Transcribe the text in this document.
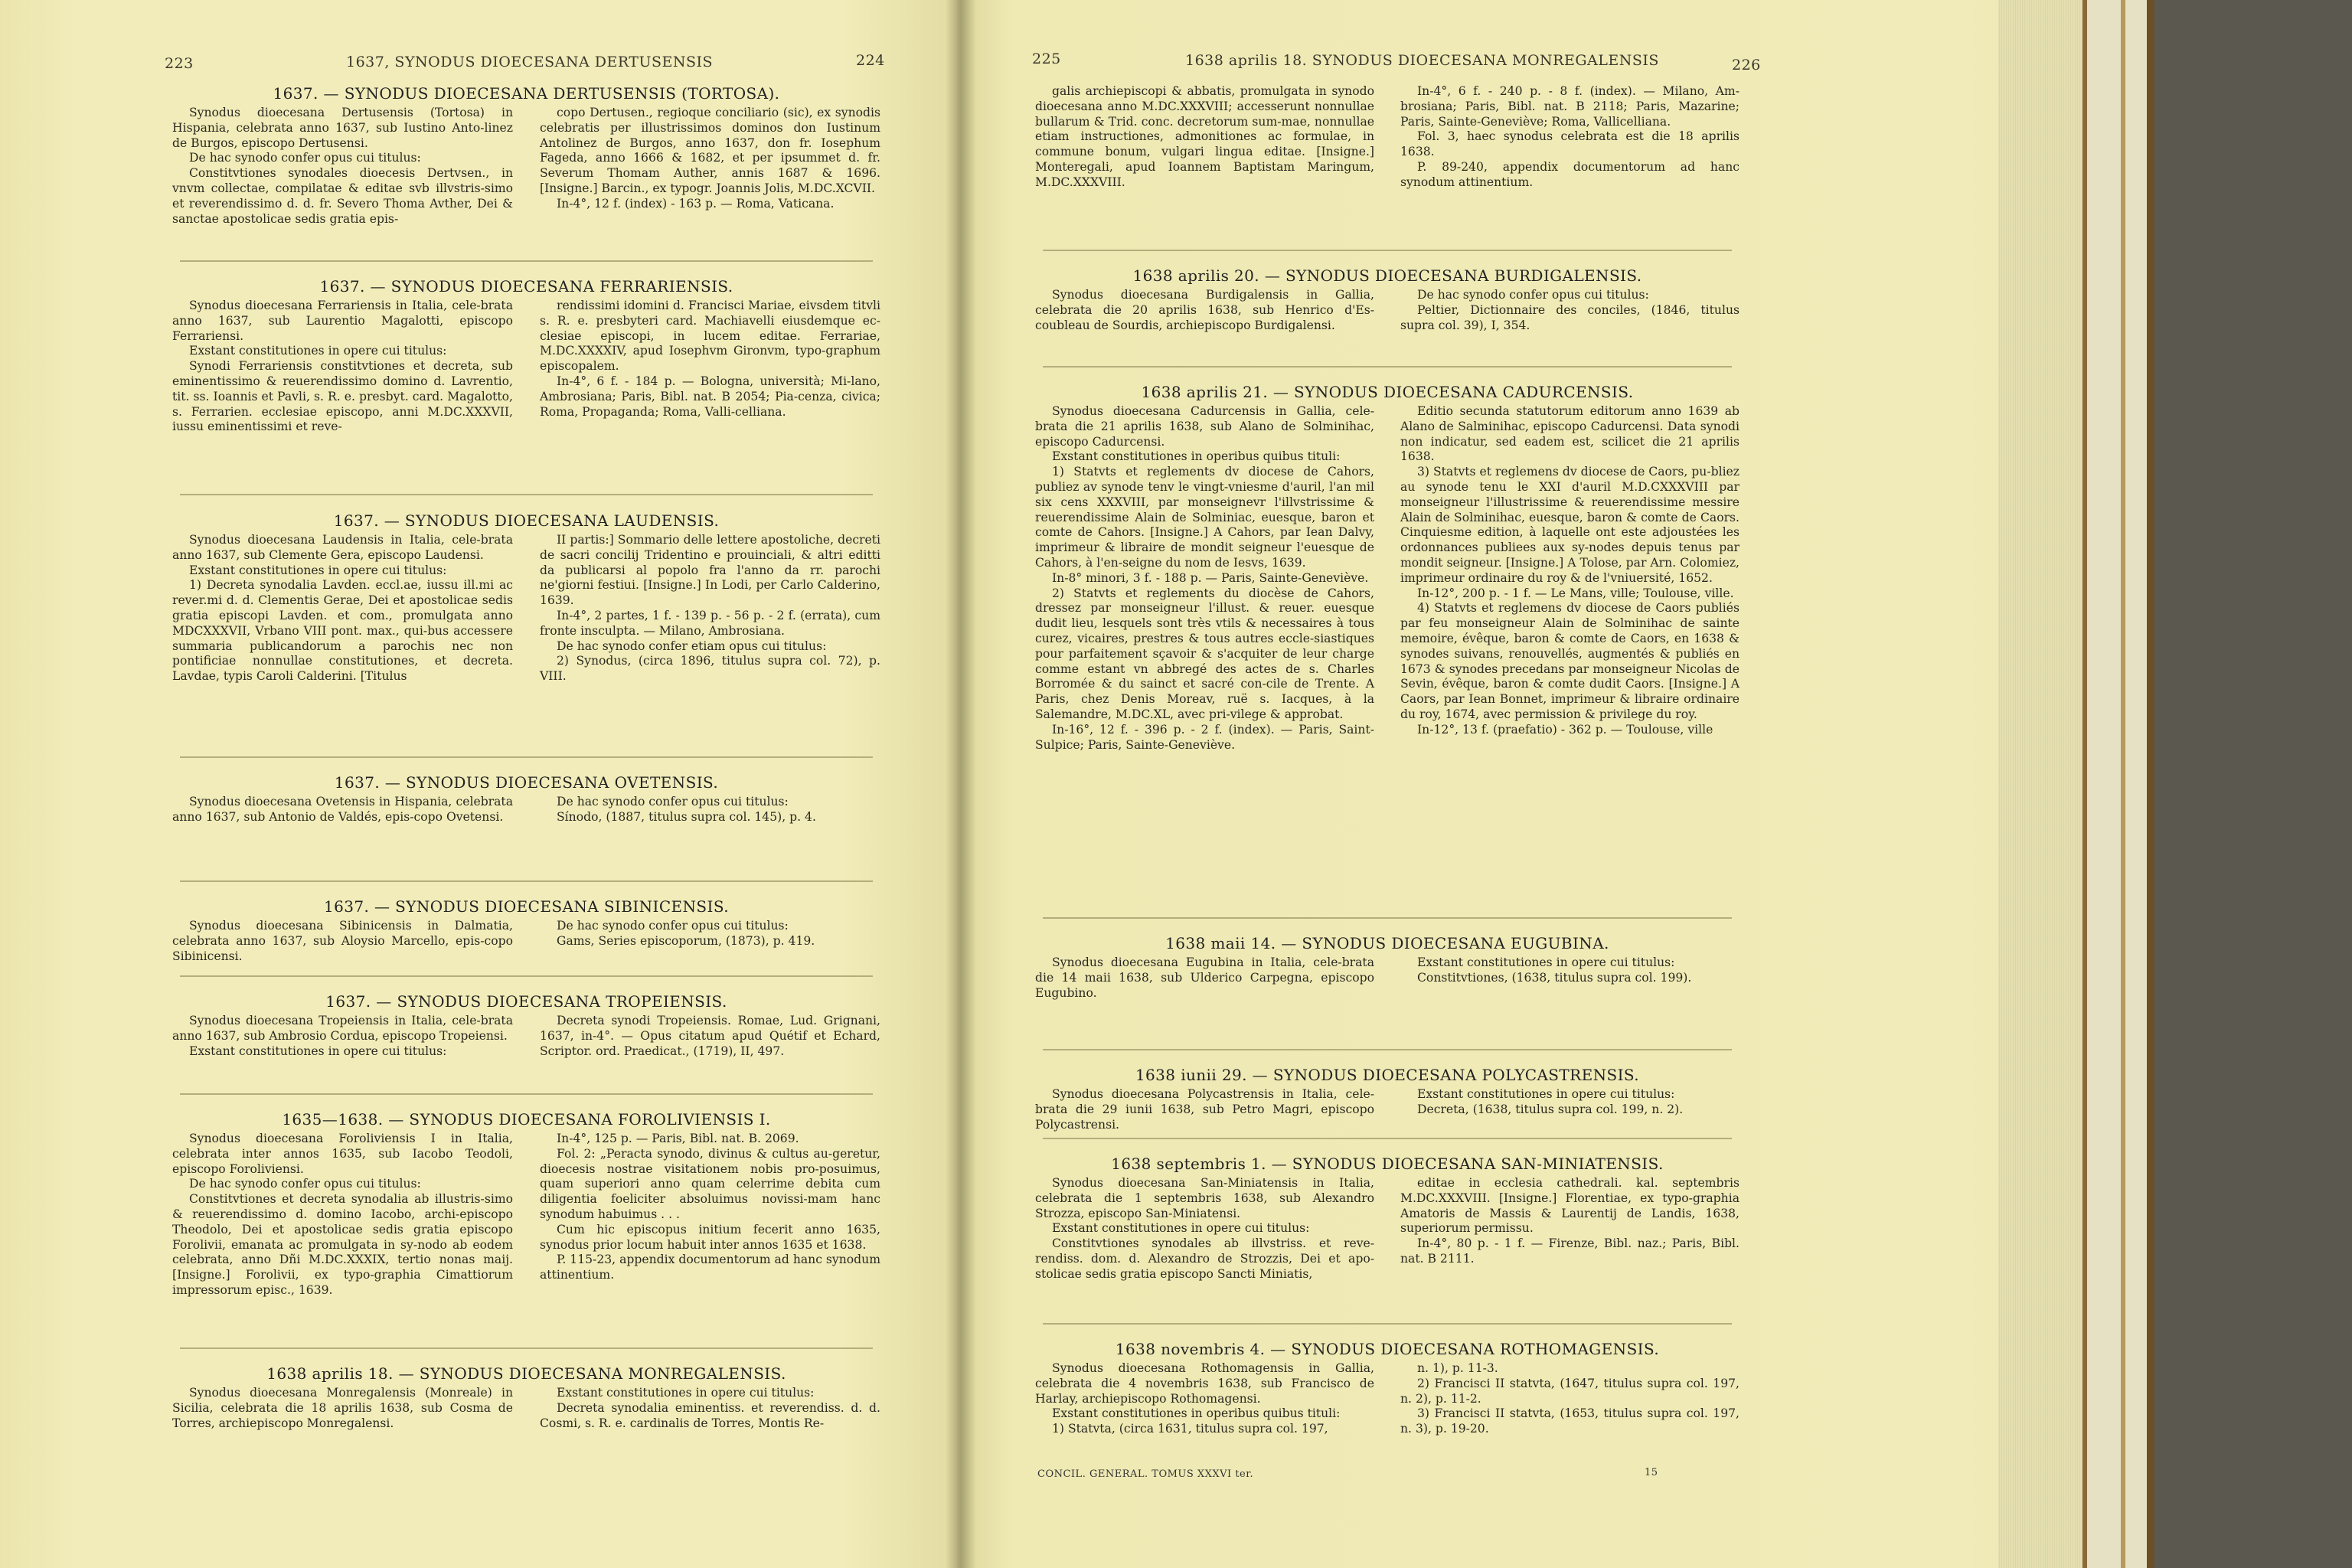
223	1637, SYNODUS DIOECESANA DERTUSENSIS	224	225	1638 aprilis 18. SYNODUS DIOECESANA MONREGALENSIS	226
CONCIL. GENERAL. TOMUS XXXVI ter.	15
1637. — SYNODUS DIOECESANA DERTUSENSIS (TORTOSA).

Synodus dioecesana Dertusensis (Tortosa) in Hispania, celebrata anno 1637, sub Iustino Anto-linez de Burgos, episcopo Dertusensi.

De hac synodo confer opus cui titulus:

Constitvtiones synodales dioecesis Dertvsen., in vnvm collectae, compilatae & editae svb illvstris-simo et reverendissimo d. d. fr. Severo Thoma Avther, Dei & sanctae apostolicae sedis gratia epis-

copo Dertusen., regioque conciliario (sic), ex synodis celebratis per illustrissimos dominos don Iustinum Antolinez de Burgos, anno 1637, don fr. Iosephum Fageda, anno 1666 & 1682, et per ipsummet d. fr. Severum Thomam Auther, annis 1687 & 1696. [Insigne.] Barcin., ex typogr. Joannis Jolis, M.DC.XCVII.

In-4°, 12 f. (index) - 163 p. — Roma, Vaticana.

1637. — SYNODUS DIOECESANA FERRARIENSIS.

Synodus dioecesana Ferrariensis in Italia, cele-brata anno 1637, sub Laurentio Magalotti, episcopo Ferrariensi.

Exstant constitutiones in opere cui titulus:

Synodi Ferrariensis constitvtiones et decreta, sub eminentissimo & reuerendissimo domino d. Lavrentio, tit. ss. Ioannis et Pavli, s. R. e. presbyt. card. Magalotto, s. Ferrarien. ecclesiae episcopo, anni M.DC.XXXVII, iussu eminentissimi et reve-

rendissimi idomini d. Francisci Mariae, eivsdem titvli s. R. e. presbyteri card. Machiavelli eiusdemque ec-clesiae episcopi, in lucem editae. Ferrariae, M.DC.XXXXIV, apud Iosephvm Gironvm, typo-graphum episcopalem.

In-4°, 6 f. - 184 p. — Bologna, università; Mi-lano, Ambrosiana; Paris, Bibl. nat. B 2054; Pia-cenza, civica; Roma, Propaganda; Roma, Valli-celliana.

1637. — SYNODUS DIOECESANA LAUDENSIS.

Synodus dioecesana Laudensis in Italia, cele-brata anno 1637, sub Clemente Gera, episcopo Laudensi.

Exstant constitutiones in opere cui titulus:

1) Decreta synodalia Lavden. eccl.ae, iussu ill.mi ac rever.mi d. d. Clementis Gerae, Dei et apostolicae sedis gratia episcopi Lavden. et com., promulgata anno MDCXXXVII, Vrbano VIII pont. max., qui-bus accessere summaria publicandorum a parochis nec non pontificiae nonnullae constitutiones, et decreta. Lavdae, typis Caroli Calderini. [Titulus

II partis:] Sommario delle lettere apostoliche, decreti de sacri concilij Tridentino e prouinciali, & altri editti da publicarsi al popolo fra l'anno da rr. parochi ne'giorni festiui. [Insigne.] In Lodi, per Carlo Calderino, 1639.

In-4°, 2 partes, 1 f. - 139 p. - 56 p. - 2 f. (errata), cum fronte insculpta. — Milano, Ambrosiana.

De hac synodo confer etiam opus cui titulus:

2) Synodus, (circa 1896, titulus supra col. 72), p. VIII.

1637. — SYNODUS DIOECESANA OVETENSIS.

Synodus dioecesana Ovetensis in Hispania, celebrata anno 1637, sub Antonio de Valdés, epis-copo Ovetensi.

De hac synodo confer opus cui titulus:

Sínodo, (1887, titulus supra col. 145), p. 4.

1637. — SYNODUS DIOECESANA SIBINICENSIS.

Synodus dioecesana Sibinicensis in Dalmatia, celebrata anno 1637, sub Aloysio Marcello, epis-copo Sibinicensi.

De hac synodo confer opus cui titulus:

Gams, Series episcoporum, (1873), p. 419.

1637. — SYNODUS DIOECESANA TROPEIENSIS.

Synodus dioecesana Tropeiensis in Italia, cele-brata anno 1637, sub Ambrosio Cordua, episcopo Tropeiensi.

Exstant constitutiones in opere cui titulus:

Decreta synodi Tropeiensis. Romae, Lud. Grignani, 1637, in-4°. — Opus citatum apud Quétif et Echard, Scriptor. ord. Praedicat., (1719), II, 497.

1635—1638. — SYNODUS DIOECESANA FOROLIVIENSIS I.

Synodus dioecesana Foroliviensis I in Italia, celebrata inter annos 1635, sub Iacobo Teodoli, episcopo Foroliviensi.

De hac synodo confer opus cui titulus:

Constitvtiones et decreta synodalia ab illustris-simo & reuerendissimo d. domino Iacobo, archi-episcopo Theodolo, Dei et apostolicae sedis gratia episcopo Forolivii, emanata ac promulgata in sy-nodo ab eodem celebrata, anno Dñi M.DC.XXXIX, tertio nonas maij. [Insigne.] Forolivii, ex typo-graphia Cimattiorum impressorum episc., 1639.

In-4°, 125 p. — Paris, Bibl. nat. B. 2069.

Fol. 2: „Peracta synodo, divinus & cultus au-geretur, dioecesis nostrae visitationem nobis pro-posuimus, quam superiori anno quam celerrime debita cum diligentia foeliciter absoluimus novissi-mam hanc synodum habuimus . . .

Cum hic episcopus initium fecerit anno 1635, synodus prior locum habuit inter annos 1635 et 1638.

P. 115-23, appendix documentorum ad hanc synodum attinentium.

1638 aprilis 18. — SYNODUS DIOECESANA MONREGALENSIS.

Synodus dioecesana Monregalensis (Monreale) in Sicilia, celebrata die 18 aprilis 1638, sub Cosma de Torres, archiepiscopo Monregalensi.

Exstant constitutiones in opere cui titulus:

Decreta synodalia eminentiss. et reverendiss. d. d. Cosmi, s. R. e. cardinalis de Torres, Montis Re-

galis archiepiscopi & abbatis, promulgata in synodo dioecesana anno M.DC.XXXVIII; accesserunt nonnullae bullarum & Trid. conc. decretorum sum-mae, nonnullae etiam instructiones, admonitiones ac formulae, in commune bonum, vulgari lingua editae. [Insigne.] Monteregali, apud Ioannem Baptistam Maringum, M.DC.XXXVIII.

In-4°, 6 f. - 240 p. - 8 f. (index). — Milano, Am-brosiana; Paris, Bibl. nat. B 2118; Paris, Mazarine; Paris, Sainte-Geneviève; Roma, Vallicelliana.

Fol. 3, haec synodus celebrata est die 18 aprilis 1638.

P. 89-240, appendix documentorum ad hanc synodum attinentium.

1638 aprilis 20. — SYNODUS DIOECESANA BURDIGALENSIS.

Synodus dioecesana Burdigalensis in Gallia, celebrata die 20 aprilis 1638, sub Henrico d'Es-coubleau de Sourdis, archiepiscopo Burdigalensi.

De hac synodo confer opus cui titulus:

Peltier, Dictionnaire des conciles, (1846, titulus supra col. 39), I, 354.

1638 aprilis 21. — SYNODUS DIOECESANA CADURCENSIS.

Synodus dioecesana Cadurcensis in Gallia, cele-brata die 21 aprilis 1638, sub Alano de Solminihac, episcopo Cadurcensi.

Exstant constitutiones in operibus quibus tituli:

1) Statvts et reglements dv diocese de Cahors, publiez av synode tenv le vingt-vniesme d'auril, l'an mil six cens XXXVIII, par monseignevr l'illvstrissime & reuerendissime Alain de Solminiac, euesque, baron et comte de Cahors. [Insigne.] A Cahors, par Iean Dalvy, imprimeur & libraire de mondit seigneur l'euesque de Cahors, à l'en-seigne du nom de Iesvs, 1639.

In-8° minori, 3 f. - 188 p. — Paris, Sainte-Geneviève.

2) Statvts et reglements du diocèse de Cahors, dressez par monseigneur l'illust. & reuer. euesque dudit lieu, lesquels sont très vtils & necessaires à tous curez, vicaires, prestres & tous autres eccle-siastiques pour parfaitement sçavoir & s'acquiter de leur charge comme estant vn abbregé des actes de s. Charles Borromée & du sainct et sacré con-cile de Trente. A Paris, chez Denis Moreav, ruë s. Iacques, à la Salemandre, M.DC.XL, avec pri-vilege & approbat.

In-16°, 12 f. - 396 p. - 2 f. (index). — Paris, Saint-Sulpice; Paris, Sainte-Geneviève.

Editio secunda statutorum editorum anno 1639 ab Alano de Salminihac, episcopo Cadurcensi. Data synodi non indicatur, sed eadem est, scilicet die 21 aprilis 1638.

3) Statvts et reglemens dv diocese de Caors, pu-bliez au synode tenu le XXI d'auril M.D.CXXXVIII par monseigneur l'illustrissime & reuerendissime messire Alain de Solminihac, euesque, baron & comte de Caors. Cinquiesme edition, à laquelle ont este adjoustées les ordonnances publiees aux sy-nodes depuis tenus par mondit seigneur. [Insigne.] A Tolose, par Arn. Colomiez, imprimeur ordinaire du roy & de l'vniuersité, 1652.

In-12°, 200 p. - 1 f. — Le Mans, ville; Toulouse, ville.

4) Statvts et reglemens dv diocese de Caors publiés par feu monseigneur Alain de Solminihac de sainte memoire, évêque, baron & comte de Caors, en 1638 & synodes suivans, renouvellés, augmentés & publiés en 1673 & synodes precedans par monseigneur Nicolas de Sevin, évêque, baron & comte dudit Caors. [Insigne.] A Caors, par Iean Bonnet, imprimeur & libraire ordinaire du roy, 1674, avec permission & privilege du roy.

In-12°, 13 f. (praefatio) - 362 p. — Toulouse, ville

1638 maii 14. — SYNODUS DIOECESANA EUGUBINA.

Synodus dioecesana Eugubina in Italia, cele-brata die 14 maii 1638, sub Ulderico Carpegna, episcopo Eugubino.

Exstant constitutiones in opere cui titulus:

Constitvtiones, (1638, titulus supra col. 199).

1638 iunii 29. — SYNODUS DIOECESANA POLYCASTRENSIS.

Synodus dioecesana Polycastrensis in Italia, cele-brata die 29 iunii 1638, sub Petro Magri, episcopo Polycastrensi.

Exstant constitutiones in opere cui titulus:

Decreta, (1638, titulus supra col. 199, n. 2).

1638 septembris 1. — SYNODUS DIOECESANA SAN-MINIATENSIS.

Synodus dioecesana San-Miniatensis in Italia, celebrata die 1 septembris 1638, sub Alexandro Strozza, episcopo San-Miniatensi.

Exstant constitutiones in opere cui titulus:

Constitvtiones synodales ab illvstriss. et reve-rendiss. dom. d. Alexandro de Strozzis, Dei et apo-stolicae sedis gratia episcopo Sancti Miniatis,

editae in ecclesia cathedrali. kal. septembris M.DC.XXXVIII. [Insigne.] Florentiae, ex typo-graphia Amatoris de Massis & Laurentij de Landis, 1638, superiorum permissu.

In-4°, 80 p. - 1 f. — Firenze, Bibl. naz.; Paris, Bibl. nat. B 2111.

1638 novembris 4. — SYNODUS DIOECESANA ROTHOMAGENSIS.

Synodus dioecesana Rothomagensis in Gallia, celebrata die 4 novembris 1638, sub Francisco de Harlay, archiepiscopo Rothomagensi.

Exstant constitutiones in operibus quibus tituli:

1) Statvta, (circa 1631, titulus supra col. 197,

n. 1), p. 11-3.

2) Francisci II statvta, (1647, titulus supra col. 197, n. 2), p. 11-2.

3) Francisci II statvta, (1653, titulus supra col. 197, n. 3), p. 19-20.
